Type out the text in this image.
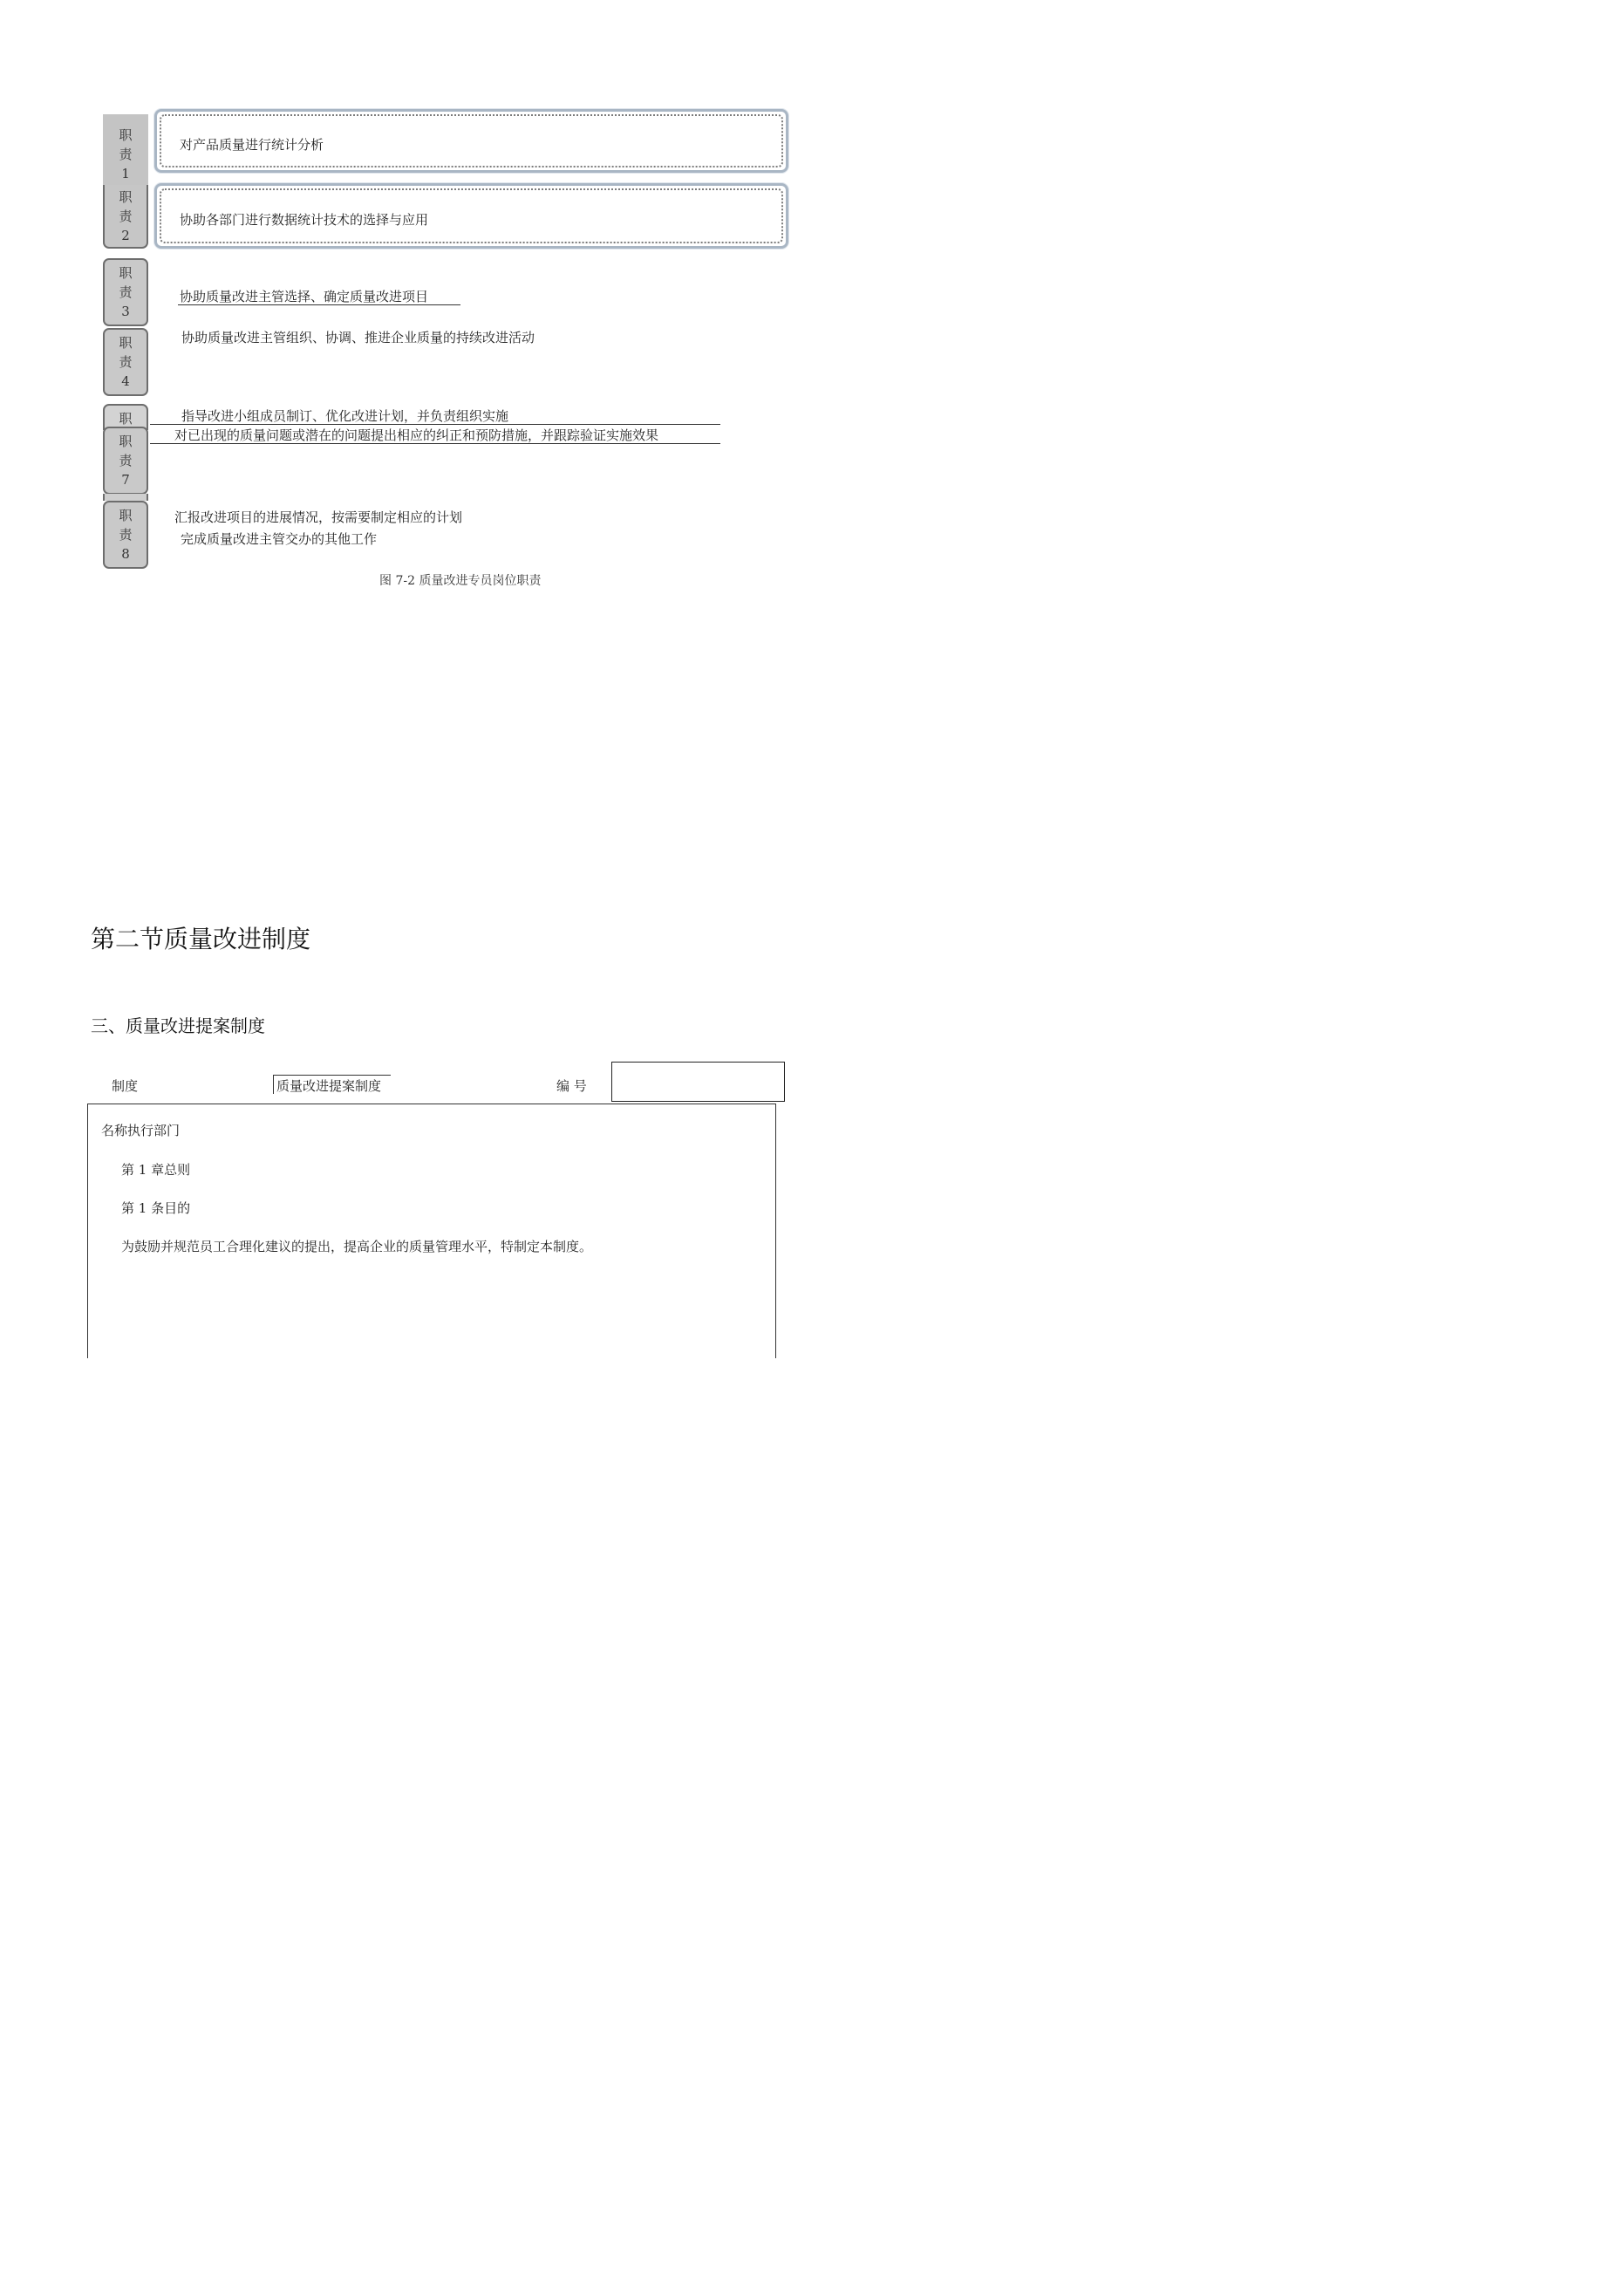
职
责
1
对产品质量进行统计分析
职
责
2
协助各部门进行数据统计技术的选择与应用
职
责
3
协助质量改进主管选择、确定质量改进项目
职
责
4
协助质量改进主管组织、协调、推进企业质量的持续改进活动
职	指导改进小组成员制订、优化改进计划，并负责组织实施
职
责
7
对已出现的质量问题或潜在的问题提出相应的纠正和预防措施，并跟踪验证实施效果
职
责
8
汇报改进项目的进展情况，按需要制定相应的计划
完成质量改进主管交办的其他工作
图 7-2 质量改进专员岗位职责
第二节质量改进制度
三、质量改进提案制度
制度	质量改进提案制度	编 号
名称执行部门
第 1 章总则
第 1 条目的
为鼓励并规范员工合理化建议的提出，提高企业的质量管理水平，特制定本制度。
